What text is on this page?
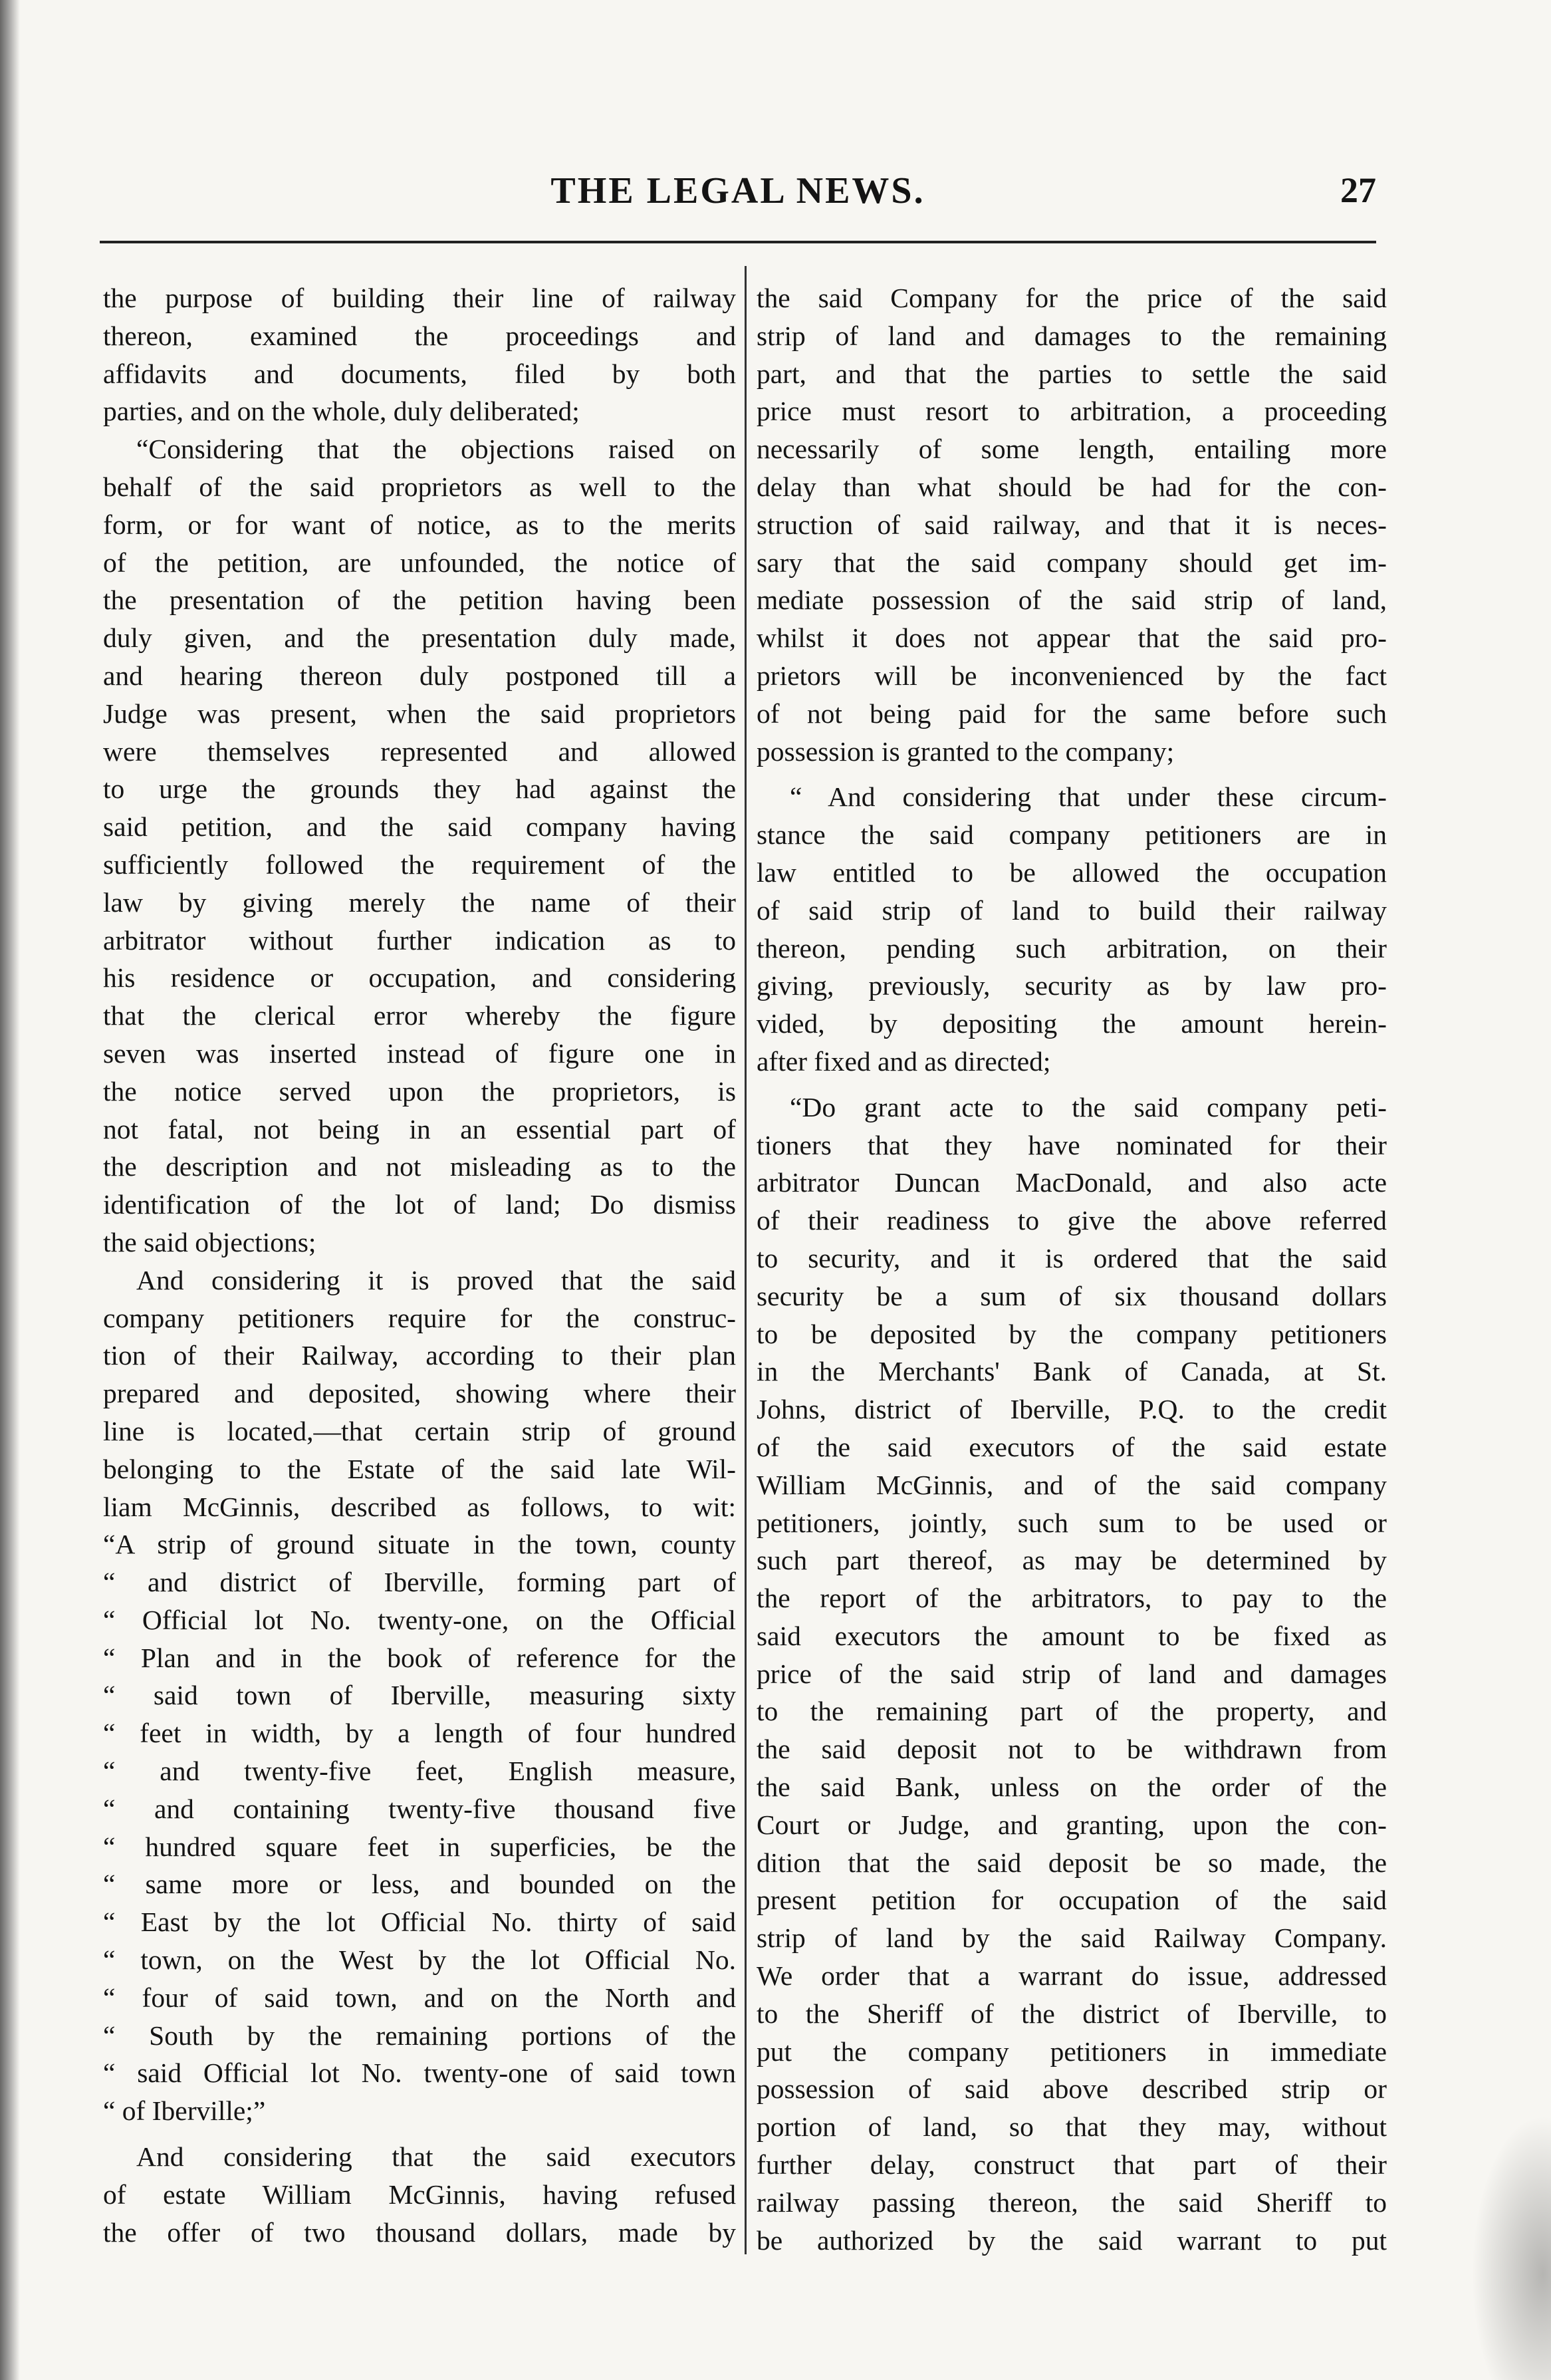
THE LEGAL NEWS.	27
the purpose of building their line of railway
thereon, examined the proceedings and
affidavits and documents, filed by both
parties, and on the whole, duly deliberated;
“Considering that the objections raised on
behalf of the said proprietors as well to the
form, or for want of notice, as to the merits
of the petition, are unfounded, the notice of
the presentation of the petition having been
duly given, and the presentation duly made,
and hearing thereon duly postponed till a
Judge was present, when the said proprietors
were themselves represented and allowed
to urge the grounds they had against the
said petition, and the said company having
sufficiently followed the requirement of the
law by giving merely the name of their
arbitrator without further indication as to
his residence or occupation, and considering
that the clerical error whereby the figure
seven was inserted instead of figure one in
the notice served upon the proprietors, is
not fatal, not being in an essential part of
the description and not misleading as to the
identification of the lot of land; Do dismiss
the said objections;
And considering it is proved that the said
company petitioners require for the construc-
tion of their Railway, according to their plan
prepared and deposited, showing where their
line is located,—that certain strip of ground
belonging to the Estate of the said late Wil-
liam McGinnis, described as follows, to wit:
“A strip of ground situate in the town, county
“ and district of Iberville, forming part of
“ Official lot No. twenty-one, on the Official
“ Plan and in the book of reference for the
“ said town of Iberville, measuring sixty
“ feet in width, by a length of four hundred
“ and twenty-five feet, English measure,
“ and containing twenty-five thousand five
“ hundred square feet in superficies, be the
“ same more or less, and bounded on the
“ East by the lot Official No. thirty of said
“ town, on the West by the lot Official No.
“ four of said town, and on the North and
“ South by the remaining portions of the
“ said Official lot No. twenty-one of said town
“ of Iberville;”
And considering that the said executors
of estate William McGinnis, having refused
the offer of two thousand dollars, made by
the said Company for the price of the said
strip of land and damages to the remaining
part, and that the parties to settle the said
price must resort to arbitration, a proceeding
necessarily of some length, entailing more
delay than what should be had for the con-
struction of said railway, and that it is neces-
sary that the said company should get im-
mediate possession of the said strip of land,
whilst it does not appear that the said pro-
prietors will be inconvenienced by the fact
of not being paid for the same before such
possession is granted to the company;
“ And considering that under these circum-
stance the said company petitioners are in
law entitled to be allowed the occupation
of said strip of land to build their railway
thereon, pending such arbitration, on their
giving, previously, security as by law pro-
vided, by depositing the amount herein-
after fixed and as directed;
“Do grant acte to the said company peti-
tioners that they have nominated for their
arbitrator Duncan MacDonald, and also acte
of their readiness to give the above referred
to security, and it is ordered that the said
security be a sum of six thousand dollars
to be deposited by the company petitioners
in the Merchants' Bank of Canada, at St.
Johns, district of Iberville, P.Q. to the credit
of the said executors of the said estate
William McGinnis, and of the said company
petitioners, jointly, such sum to be used or
such part thereof, as may be determined by
the report of the arbitrators, to pay to the
said executors the amount to be fixed as
price of the said strip of land and damages
to the remaining part of the property, and
the said deposit not to be withdrawn from
the said Bank, unless on the order of the
Court or Judge, and granting, upon the con-
dition that the said deposit be so made, the
present petition for occupation of the said
strip of land by the said Railway Company.
We order that a warrant do issue, addressed
to the Sheriff of the district of Iberville, to
put the company petitioners in immediate
possession of said above described strip or
portion of land, so that they may, without
further delay, construct that part of their
railway passing thereon, the said Sheriff to
be authorized by the said warrant to put
